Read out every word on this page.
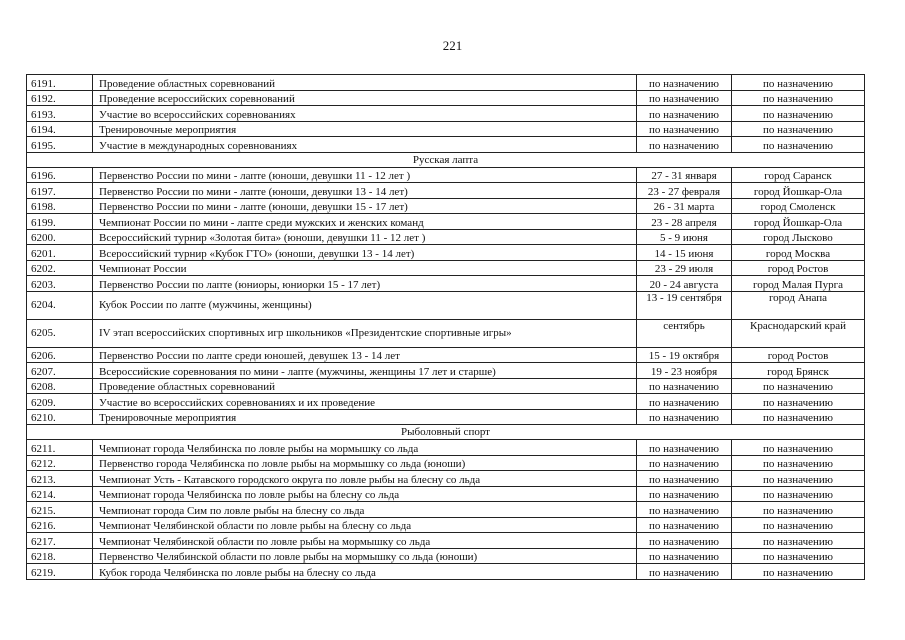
221
6191.	Проведение областных соревнований	по назначению	по назначению
6192.	Проведение всероссийских соревнований	по назначению	по назначению
6193.	Участие во всероссийских соревнованиях	по назначению	по назначению
6194.	Тренировочные мероприятия	по назначению	по назначению
6195.	Участие в международных соревнованиях	по назначению	по назначению
Русская лапта			
6196.	Первенство России по мини - лапте (юноши, девушки 11 - 12 лет )	27 - 31 января	город Саранск
6197.	Первенство России по мини - лапте (юноши, девушки 13 - 14 лет)	23 - 27 февраля	город Йошкар-Ола
6198.	Первенство России по мини - лапте (юноши, девушки 15 - 17 лет)	26 - 31 марта	город Смоленск
6199.	Чемпионат России по мини - лапте среди мужских и женских команд	23 - 28 апреля	город Йошкар-Ола
6200.	Всероссийский турнир «Золотая бита» (юноши, девушки 11 - 12 лет )	5 - 9 июня	город Лысково
6201.	Всероссийский турнир «Кубок ГТО» (юноши, девушки 13 - 14 лет)	14 - 15 июня	город Москва
6202.	Чемпионат России	23 - 29 июля	город Ростов
6203.	Первенство России по лапте (юниоры, юниорки 15 - 17 лет)	20 - 24 августа	город Малая Пурга
6204.	Кубок России по лапте (мужчины, женщины)	13 - 19 сентября	город Анапа
6205.	IV этап всероссийских спортивных игр школьников «Президентские спортивные игры»	сентябрь	Краснодарский край
6206.	Первенство России по лапте среди юношей, девушек 13 - 14 лет	15 - 19 октября	город Ростов
6207.	Всероссийские соревнования по мини - лапте (мужчины, женщины 17 лет и старше)	19 - 23 ноября	город Брянск
6208.	Проведение областных соревнований	по назначению	по назначению
6209.	Участие во всероссийских соревнованиях и их проведение	по назначению	по назначению
6210.	Тренировочные мероприятия	по назначению	по назначению
Рыболовный спорт			
6211.	Чемпионат города Челябинска по ловле рыбы на мормышку со льда	по назначению	по назначению
6212.	Первенство города Челябинска по ловле рыбы на мормышку со льда (юноши)	по назначению	по назначению
6213.	Чемпионат Усть - Катавского городского округа по ловле рыбы на блесну со льда	по назначению	по назначению
6214.	Чемпионат города Челябинска по ловле рыбы на блесну со льда	по назначению	по назначению
6215.	Чемпионат города Сим по ловле рыбы на блесну со льда	по назначению	по назначению
6216.	Чемпионат Челябинской области по ловле рыбы на блесну со льда	по назначению	по назначению
6217.	Чемпионат Челябинской области по ловле рыбы на мормышку со льда	по назначению	по назначению
6218.	Первенство Челябинской области по ловле рыбы на мормышку со льда (юноши)	по назначению	по назначению
6219.	Кубок города Челябинска по ловле рыбы на блесну со льда	по назначению	по назначению
